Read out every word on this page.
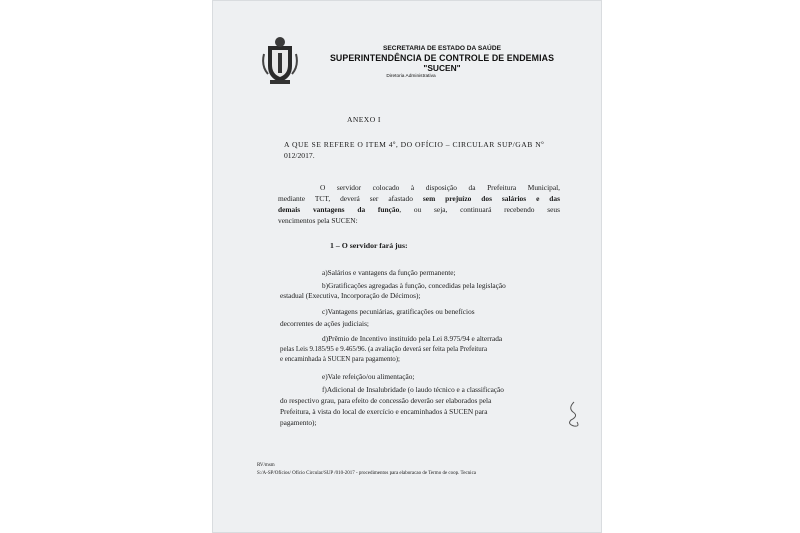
SECRETARIA DE ESTADO DA SAÚDE
SUPERINTENDÊNCIA DE CONTROLE DE ENDEMIAS
"SUCEN"
Diretoria Administrativa
ANEXO I
A QUE SE REFERE O ITEM 4º, DO OFÍCIO – CIRCULAR SUP/GAB Nº
012/2017.
O servidor colocado à disposição da Prefeitura Municipal,
mediante TCT, deverá ser afastado sem prejuízo dos salários e das
demais vantagens da função, ou seja, continuará recebendo seus
vencimentos pela SUCEN:
1 – O servidor fará jus:
a)Salários e vantagens da função permanente;
b)Gratificações agregadas à função, concedidas pela legislação
estadual (Executiva, Incorporação de Décimos);
c)Vantagens pecuniárias, gratificações ou benefícios
decorrentes de ações judiciais;
d)Prêmio de Incentivo instituído pela Lei 8.975/94 e alterrada
pelas Leis 9.185/95 e 9.465/96. (a avaliação deverá ser feita pela Prefeitura
e encaminhada à SUCEN para pagamento);
e)Vale refeição/ou alimentação;
f)Adicional de Insalubridade (o laudo técnico e a classificação
do respectivo grau, para efeito de concessão deverão ser elaborados pela
Prefeitura, à vista do local de exercício e encaminhados à SUCEN para
pagamento);
RV/msm
S:/A-SP/Ofícios/ Ofício Circular/SUP /010-2017 - procedimentos para elaboracao de Termo de coop. Tecnica
